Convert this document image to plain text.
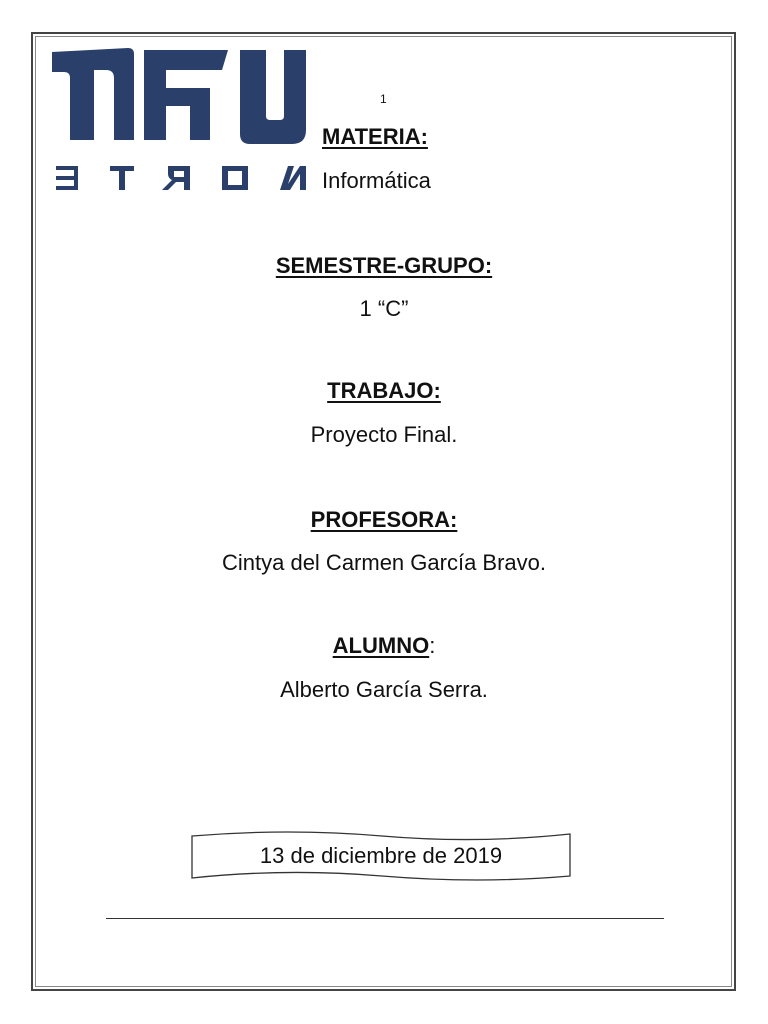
1
MATERIA:
Informática
SEMESTRE-GRUPO:
1 “C”
TRABAJO:
Proyecto Final.
PROFESORA:
Cintya del Carmen García Bravo.
ALUMNO:
Alberto García Serra.
13 de diciembre de 2019
